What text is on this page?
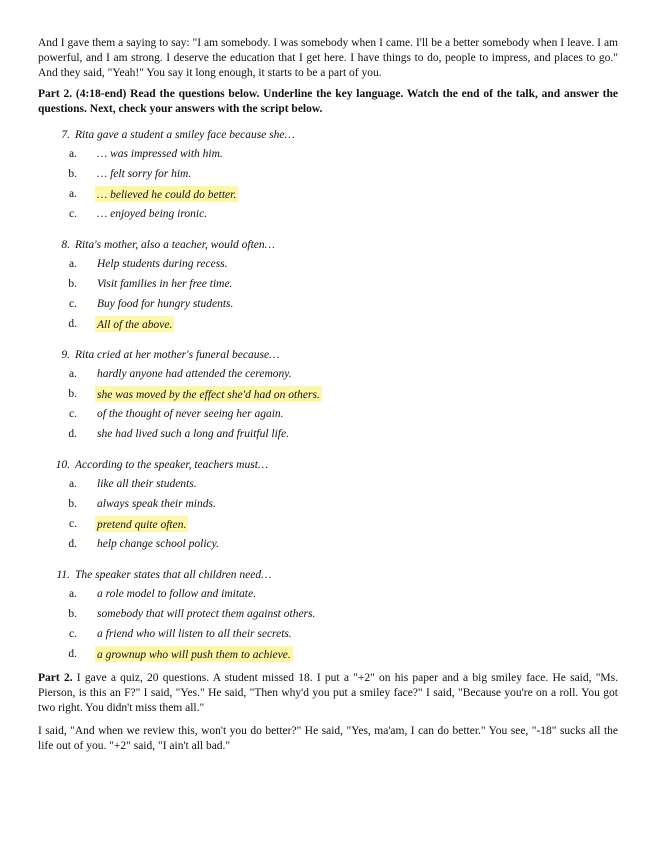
And I gave them a saying to say: "I am somebody. I was somebody when I came. I'll be a better somebody when I leave. I am powerful, and I am strong. I deserve the education that I get here. I have things to do, people to impress, and places to go." And they said, "Yeah!" You say it long enough, it starts to be a part of you.

Part 2. (4:18-end) Read the questions below. Underline the key language. Watch the end of the talk, and answer the questions. Next, check your answers with the script below.

7. Rita gave a student a smiley face because she…
a.	… was impressed with him.
b.	… felt sorry for him.
a.	… believed he could do better.
c.	… enjoyed being ironic.
8. Rita's mother, also a teacher, would often…
a.	Help students during recess.
b.	Visit families in her free time.
c.	Buy food for hungry students.
d.	All of the above.
9. Rita cried at her mother's funeral because…
a.	hardly anyone had attended the ceremony.
b.	she was moved by the effect she'd had on others.
c.	of the thought of never seeing her again.
d.	she had lived such a long and fruitful life.
10. According to the speaker, teachers must…
a.	like all their students.
b.	always speak their minds.
c.	pretend quite often.
d.	help change school policy.
11. The speaker states that all children need…
a.	a role model to follow and imitate.
b.	somebody that will protect them against others.
c.	a friend who will listen to all their secrets.
d.	a grownup who will push them to achieve.

Part 2. I gave a quiz, 20 questions. A student missed 18. I put a "+2" on his paper and a big smiley face. He said, "Ms. Pierson, is this an F?" I said, "Yes." He said, "Then why'd you put a smiley face?" I said, "Because you're on a roll. You got two right. You didn't miss them all."

I said, "And when we review this, won't you do better?" He said, "Yes, ma'am, I can do better." You see, "-18" sucks all the life out of you. "+2" said, "I ain't all bad."
